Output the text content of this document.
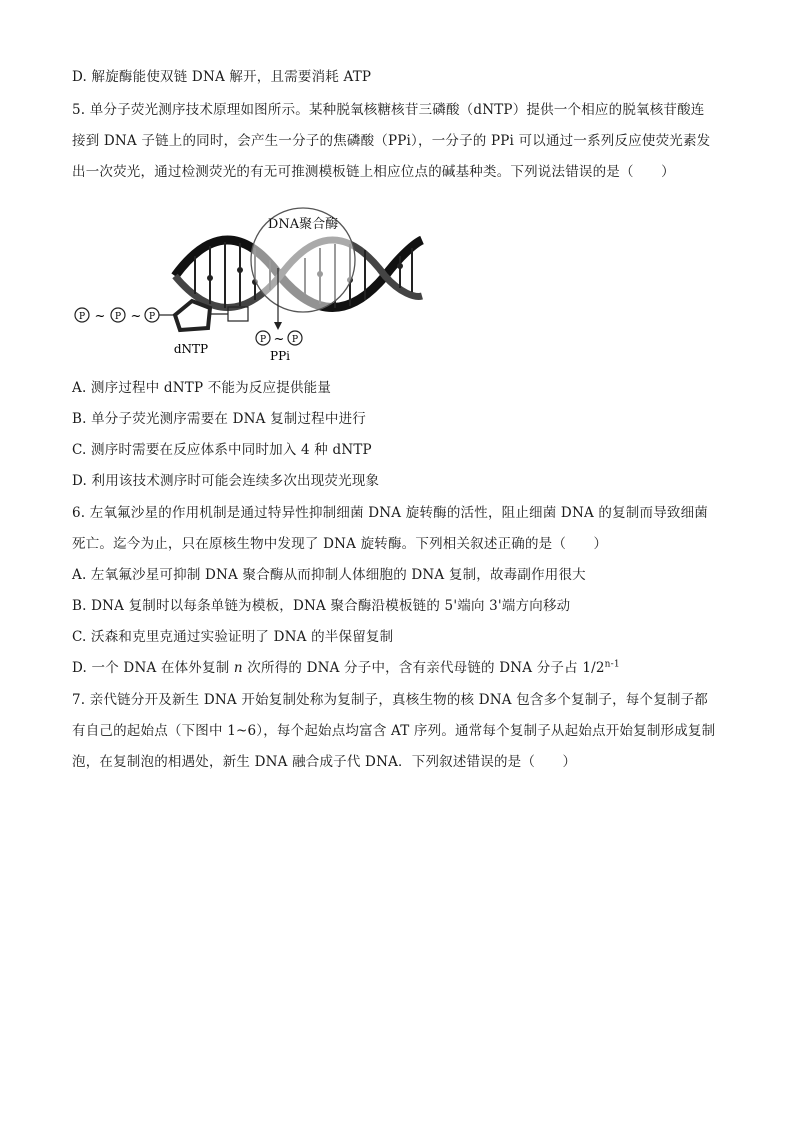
D. 解旋酶能使双链 DNA 解开，且需要消耗 ATP
5. 单分子荧光测序技术原理如图所示。某种脱氧核糖核苷三磷酸（dNTP）提供一个相应的脱氧核苷酸连
接到 DNA 子链上的同时，会产生一分子的焦磷酸（PPi），一分子的 PPi 可以通过一系列反应使荧光素发
出一次荧光，通过检测荧光的有无可推测模板链上相应位点的碱基种类。下列说法错误的是（　　）
DNA聚合酶
P ~ P ~ P
dNTP
P ~ P
PPi
A. 测序过程中 dNTP 不能为反应提供能量
B. 单分子荧光测序需要在 DNA 复制过程中进行
C. 测序时需要在反应体系中同时加入 4 种 dNTP
D. 利用该技术测序时可能会连续多次出现荧光现象
6. 左氧氟沙星的作用机制是通过特异性抑制细菌 DNA 旋转酶的活性，阻止细菌 DNA 的复制而导致细菌
死亡。迄今为止，只在原核生物中发现了 DNA 旋转酶。下列相关叙述正确的是（　　）
A. 左氧氟沙星可抑制 DNA 聚合酶从而抑制人体细胞的 DNA 复制，故毒副作用很大
B. DNA 复制时以每条单链为模板，DNA 聚合酶沿模板链的 5'端向 3'端方向移动
C. 沃森和克里克通过实验证明了 DNA 的半保留复制
D. 一个 DNA 在体外复制 n 次所得的 DNA 分子中，含有亲代母链的 DNA 分子占 1/2$^{n-1}$
7. 亲代链分开及新生 DNA 开始复制处称为复制子，真核生物的核 DNA 包含多个复制子，每个复制子都
有自己的起始点（下图中 1~6），每个起始点均富含 AT 序列。通常每个复制子从起始点开始复制形成复制
泡，在复制泡的相遇处，新生 DNA 融合成子代 DNA．下列叙述错误的是（　　）
